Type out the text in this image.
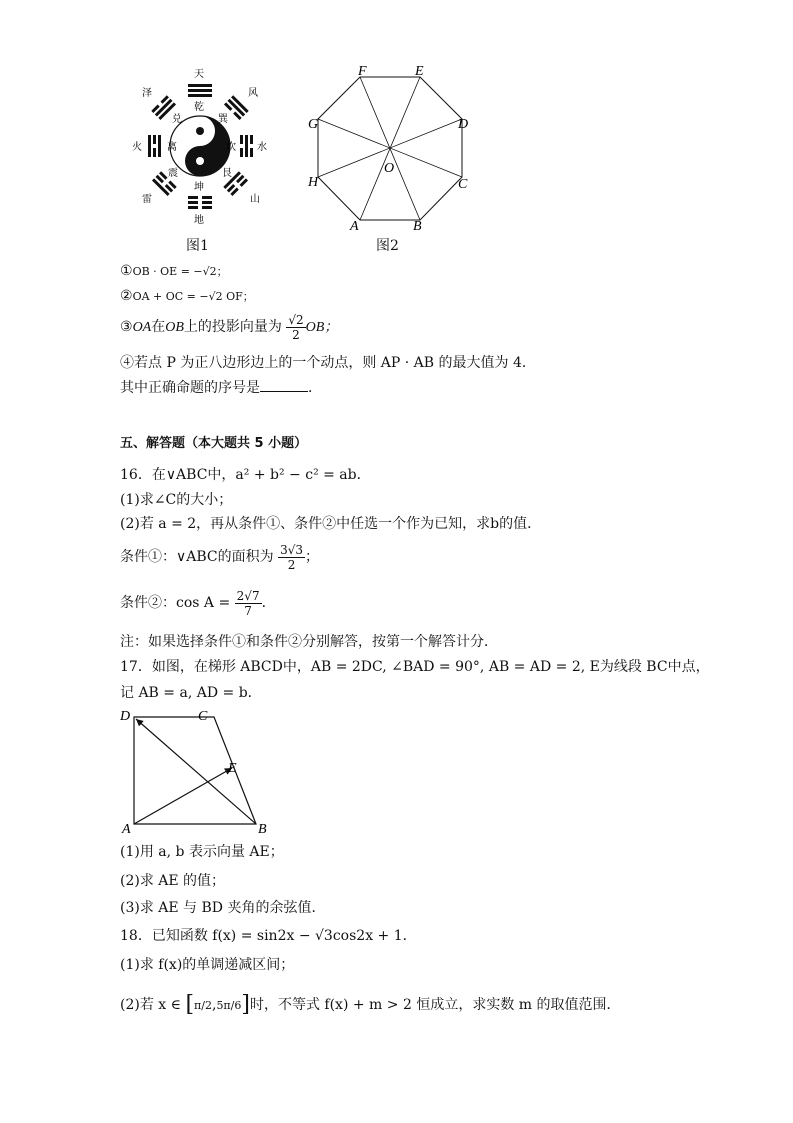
天
乾
地
坤
火	离	水
坎
泽
兑
风
巽
雷
震
山
艮
图1
A	B
C
D
E
F
G
H
O
图2
①OB · OE = −√2；
②OA + OC = −√2 OF；
③OA在OB上的投影向量为 $\frac{√2}{2}$ OB；
④若点 P 为正八边形边上的一个动点，则 AP · AB 的最大值为 4．
其中正确命题的序号是	．
五、解答题（本大题共 5 小题）
16．在∨ABC中，a² + b² − c² = ab．
(1)求∠C的大小；
(2)若 a = 2，再从条件①、条件②中任选一个作为已知，求b的值．
条件①：∨ABC的面积为 $\frac{3√3}{2}$ ；
条件②：$\cos A = \frac{2√7}{7}$ ．
注：如果选择条件①和条件②分别解答，按第一个解答计分．
17．如图，在梯形 ABCD中，AB = 2DC, ∠BAD = 90°, AB = AD = 2, E为线段 BC中点，
记 AB = a, AD = b．
A	B
C
D
E
(1)用 a, b 表示向量 AE；
(2)求 AE 的值；
(3)求 AE 与 BD 夹角的余弦值．
18．已知函数 f(x) = sin2x − √3cos2x + 1．
(1)求 f(x)的单调递减区间；
(2)若 x ∈ [π/2,5π/6]时，不等式 f(x) + m > 2 恒成立，求实数 m 的取值范围．
